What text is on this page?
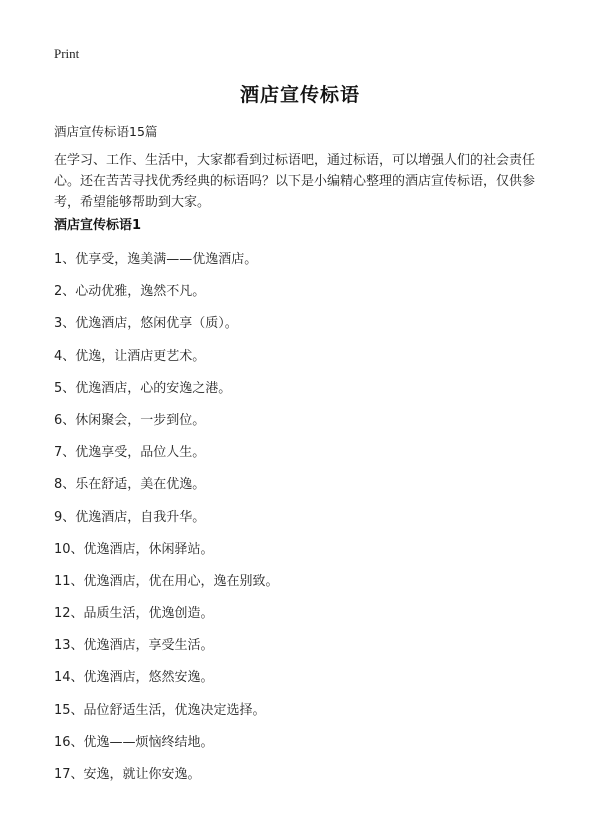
Print
酒店宣传标语
酒店宣传标语15篇
在学习、工作、生活中，大家都看到过标语吧，通过标语，可以增强人们的社会责任心。还在苦苦寻找优秀经典的标语吗？以下是小编精心整理的酒店宣传标语，仅供参考，希望能够帮助到大家。
酒店宣传标语1
1、优享受，逸美满——优逸酒店。
2、心动优雅，逸然不凡。
3、优逸酒店，悠闲优享（质）。
4、优逸，让酒店更艺术。
5、优逸酒店，心的安逸之港。
6、休闲聚会，一步到位。
7、优逸享受，品位人生。
8、乐在舒适，美在优逸。
9、优逸酒店，自我升华。
10、优逸酒店，休闲驿站。
11、优逸酒店，优在用心，逸在别致。
12、品质生活，优逸创造。
13、优逸酒店，享受生活。
14、优逸酒店，悠然安逸。
15、品位舒适生活，优逸决定选择。
16、优逸——烦恼终结地。
17、安逸，就让你安逸。
